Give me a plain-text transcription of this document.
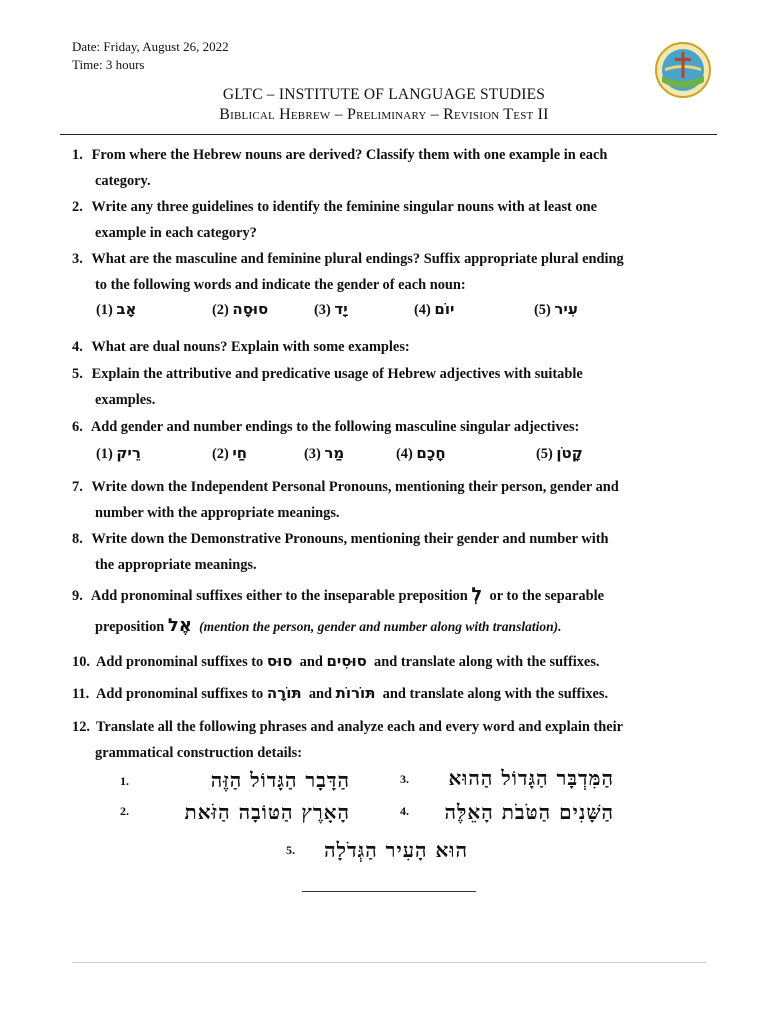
Date: Friday, August 26, 2022
Time: 3 hours
GLTC – INSTITUTE OF LANGUAGE STUDIES
Biblical Hebrew – Preliminary – Revision Test II
1. From where the Hebrew nouns are derived? Classify them with one example in each
category.
2. Write any three guidelines to identify the feminine singular nouns with at least one
example in each category?
3. What are the masculine and feminine plural endings? Suffix appropriate plural ending
to the following words and indicate the gender of each noun:
(1) אָב	(2) סוּסָה	(3) יָד	(4) יוֹם	(5) עִיר
4. What are dual nouns? Explain with some examples:
5. Explain the attributive and predicative usage of Hebrew adjectives with suitable
examples.
6. Add gender and number endings to the following masculine singular adjectives:
(1) רֵיק	(2) חַי	(3) מַר	(4) חָכָם	(5) קָטֹן
7. Write down the Independent Personal Pronouns, mentioning their person, gender and
number with the appropriate meanings.
8. Write down the Demonstrative Pronouns, mentioning their gender and number with
the appropriate meanings.
9. Add pronominal suffixes either to the inseparable preposition לְ or to the separable
preposition אֶל (mention the person, gender and number along with translation).
10. Add pronominal suffixes to סוּס and סוּסִים and translate along with the suffixes.
11. Add pronominal suffixes to תּוֹרָה and תּוֹרוֹת and translate along with the suffixes.
12. Translate all the following phrases and analyze each and every word and explain their
grammatical construction details:
1.	הַדָּבָר הַגָּדוֹל הַזֶּה
2.	הָאָרֶץ הַטּוֹבָה הַזֹּאת
3.	הַמִּדְבָּר הַגָּדוֹל הַהוּא
4.	הַשָּׁנִים הַטֹּבֹת הָאֵלֶּה
5.	הוּא הָעִיר הַגְּדֹלָה
